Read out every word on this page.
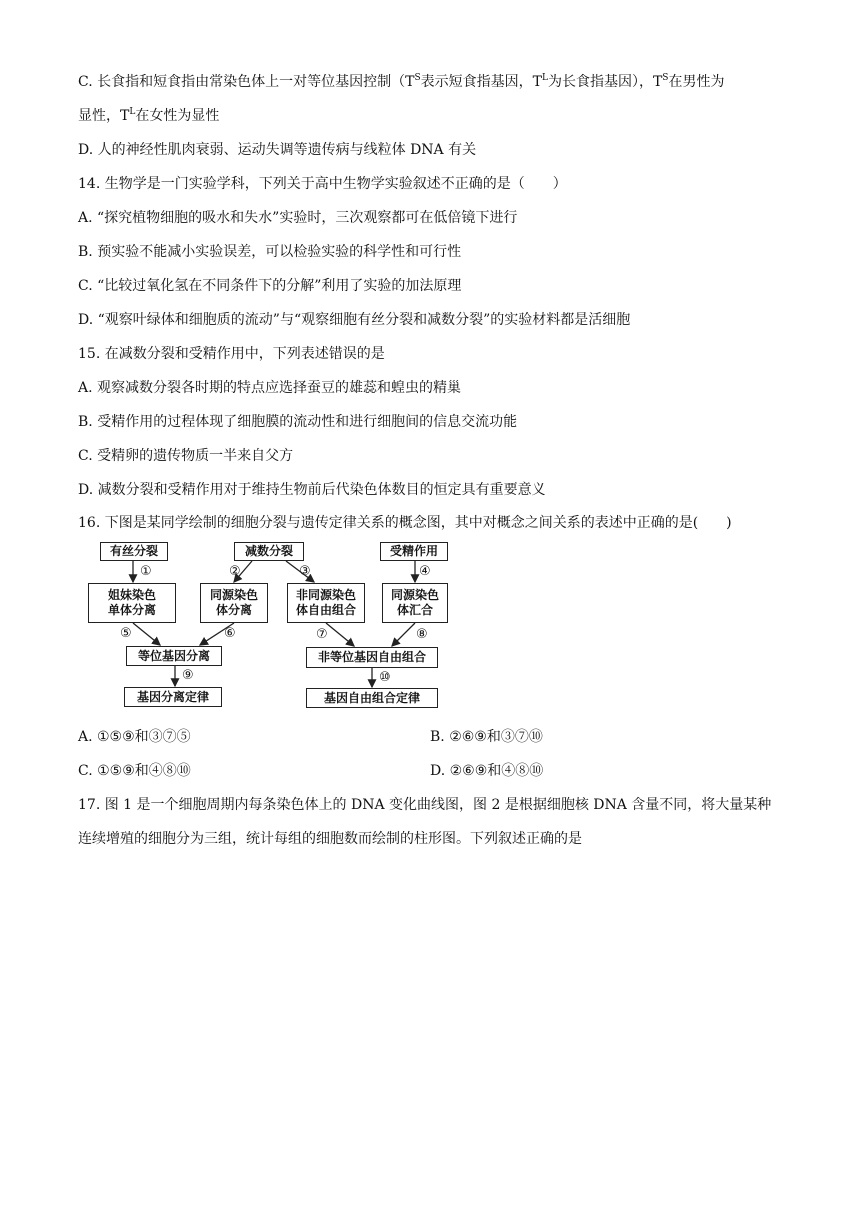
C. 长食指和短食指由常染色体上一对等位基因控制（$T^S$表示短食指基因，$T^L$为长食指基因），$T^S$在男性为
显性，$T^L$在女性为显性
D. 人的神经性肌肉衰弱、运动失调等遗传病与线粒体 DNA 有关
14. 生物学是一门实验学科，下列关于高中生物学实验叙述不正确的是（　　）
A. “探究植物细胞的吸水和失水”实验时，三次观察都可在低倍镜下进行
B. 预实验不能减小实验误差，可以检验实验的科学性和可行性
C. “比较过氧化氢在不同条件下的分解”利用了实验的加法原理
D. “观察叶绿体和细胞质的流动”与“观察细胞有丝分裂和减数分裂”的实验材料都是活细胞
15. 在减数分裂和受精作用中，下列表述错误的是
A. 观察减数分裂各时期的特点应选择蚕豆的雄蕊和蝗虫的精巢
B. 受精作用的过程体现了细胞膜的流动性和进行细胞间的信息交流功能
C. 受精卵的遗传物质一半来自父方
D. 减数分裂和受精作用对于维持生物前后代染色体数目的恒定具有重要意义
16. 下图是某同学绘制的细胞分裂与遗传定律关系的概念图，其中对概念之间关系的表述中正确的是(　　)
有丝分裂	减数分裂	受精作用
姐妹染色
单体分离
同源染色
体分离
非同源染色
体自由组合
同源染色
体汇合
等位基因分离	非等位基因自由组合
基因分离定律	基因自由组合定律
①	②	③	④
⑤	⑥	⑦	⑧
⑨	⑩
A. ①⑤⑨和③⑦⑤	B. ②⑥⑨和③⑦⑩
C. ①⑤⑨和④⑧⑩	D. ②⑥⑨和④⑧⑩
17. 图 1 是一个细胞周期内每条染色体上的 DNA 变化曲线图，图 2 是根据细胞核 DNA 含量不同，将大量某种
连续增殖的细胞分为三组，统计每组的细胞数而绘制的柱形图。下列叙述正确的是
